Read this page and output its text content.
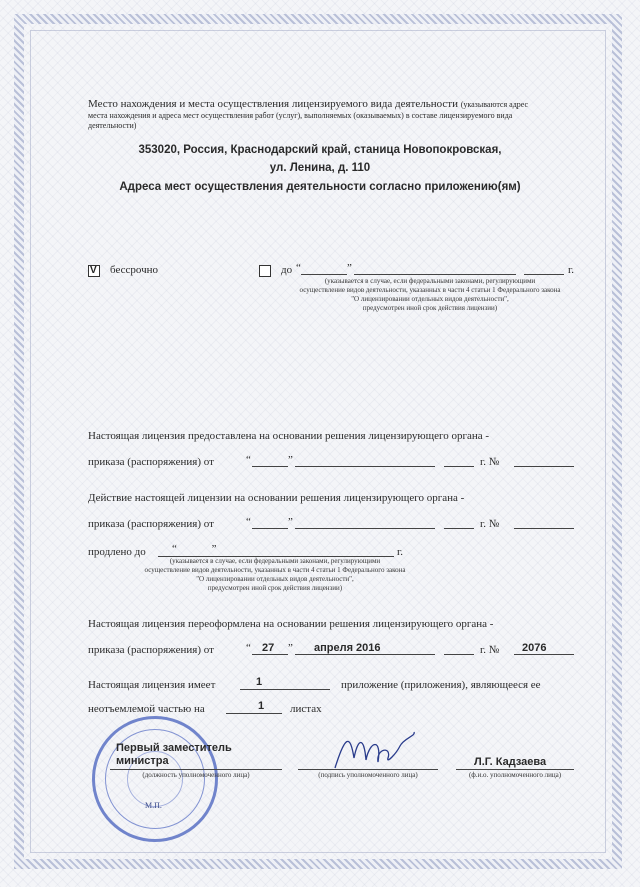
Место нахождения и места осуществления лицензируемого вида деятельности (указываются адрес
места нахождения и адреса мест осуществления работ (услуг), выполняемых (оказываемых) в составе лицензируемого вида
деятельности)
353020, Россия, Краснодарский край, станица Новопокровская,
ул. Ленина, д. 110
Адреса мест осуществления деятельности согласно приложению(ям)
V бессрочно	до “	”	г.
(указывается в случае, если федеральными законами, регулирующими
осуществление видов деятельности, указанных в части 4 статьи 1 Федерального закона
"О лицензировании отдельных видов деятельности",
предусмотрен иной срок действия лицензии)
Настоящая лицензия предоставлена на основании решения лицензирующего органа -
приказа (распоряжения) от	“	”	г. №
Действие настоящей лицензии на основании решения лицензирующего органа -
приказа (распоряжения) от	“	”	г. №
продлено до “ ”	г.
(указывается в случае, если федеральными законами, регулирующими
осуществление видов деятельности, указанных в части 4 статьи 1 Федерального закона
"О лицензировании отдельных видов деятельности",
предусмотрен иной срок действия лицензии)
Настоящая лицензия переоформлена на основании решения лицензирующего органа -
приказа (распоряжения) от	“ 27 ” апреля 2016	г. № 2076
Настоящая лицензия имеет	1	приложение (приложения), являющееся ее
неотъемлемой частью на	1 листах
М.П.
Первый заместитель
министра
(должность уполномоченного лица)	(подпись уполномоченного лица)
Л.Г. Кадзаева
(ф.и.о. уполномоченного лица)
